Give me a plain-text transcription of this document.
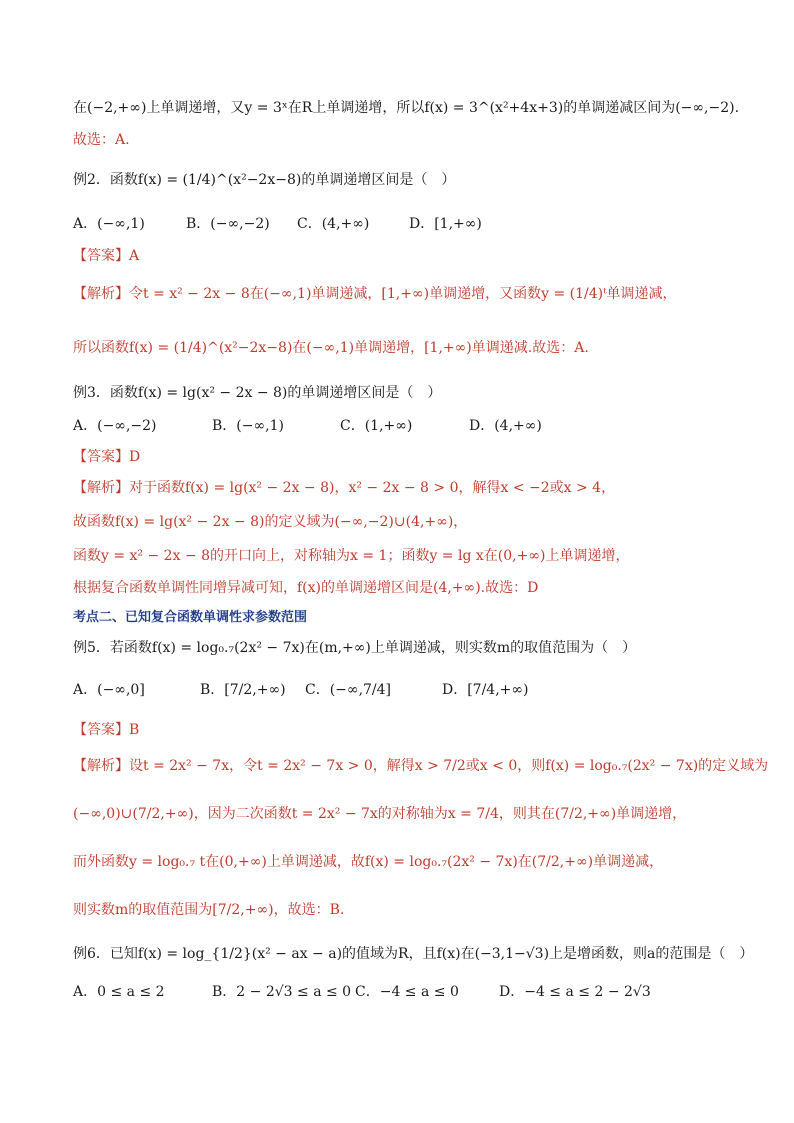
在(−2,+∞)上单调递增，又y = 3ˣ在R上单调递增，所以f(x) = 3^(x²+4x+3)的单调递减区间为(−∞,−2).
故选：A.
例2．函数f(x) = (1/4)^(x²−2x−8)的单调递增区间是（　）
A．(−∞,1)	B．(−∞,−2) C．(4,+∞)	D．[1,+∞)
【答案】A
【解析】令t = x² − 2x − 8在(−∞,1)单调递减，[1,+∞)单调递增，又函数y = (1/4)ᵗ单调递减，
所以函数f(x) = (1/4)^(x²−2x−8)在(−∞,1)单调递增，[1,+∞)单调递减.故选：A.
例3．函数f(x) = lg(x² − 2x − 8)的单调递增区间是（　）
A．(−∞,−2)	B．(−∞,1)	C．(1,+∞)	D．(4,+∞)
【答案】D
【解析】对于函数f(x) = lg(x² − 2x − 8)，x² − 2x − 8 > 0，解得x < −2或x > 4，
故函数f(x) = lg(x² − 2x − 8)的定义域为(−∞,−2)∪(4,+∞)，
函数y = x² − 2x − 8的开口向上，对称轴为x = 1；函数y = lg x在(0,+∞)上单调递增，
根据复合函数单调性同增异减可知，f(x)的单调递增区间是(4,+∞).故选：D
考点二、已知复合函数单调性求参数范围
例5．若函数f(x) = log₀.₇(2x² − 7x)在(m,+∞)上单调递减，则实数m的取值范围为（　）
A．(−∞,0]	B．[7/2,+∞) C．(−∞,7/4]	D．[7/4,+∞)
【答案】B
【解析】设t = 2x² − 7x，令t = 2x² − 7x > 0，解得x > 7/2或x < 0，则f(x) = log₀.₇(2x² − 7x)的定义域为
(−∞,0)∪(7/2,+∞)，因为二次函数t = 2x² − 7x的对称轴为x = 7/4，则其在(7/2,+∞)单调递增，
而外函数y = log₀.₇ t在(0,+∞)上单调递减，故f(x) = log₀.₇(2x² − 7x)在(7/2,+∞)单调递减，
则实数m的取值范围为[7/2,+∞)，故选：B.
例6．已知f(x) = log_{1/2}(x² − ax − a)的值域为R，且f(x)在(−3,1−√3)上是增函数，则a的范围是（　）
A．0 ≤ a ≤ 2	B．2 − 2√3 ≤ a ≤ 0 C．−4 ≤ a ≤ 0	D．−4 ≤ a ≤ 2 − 2√3
